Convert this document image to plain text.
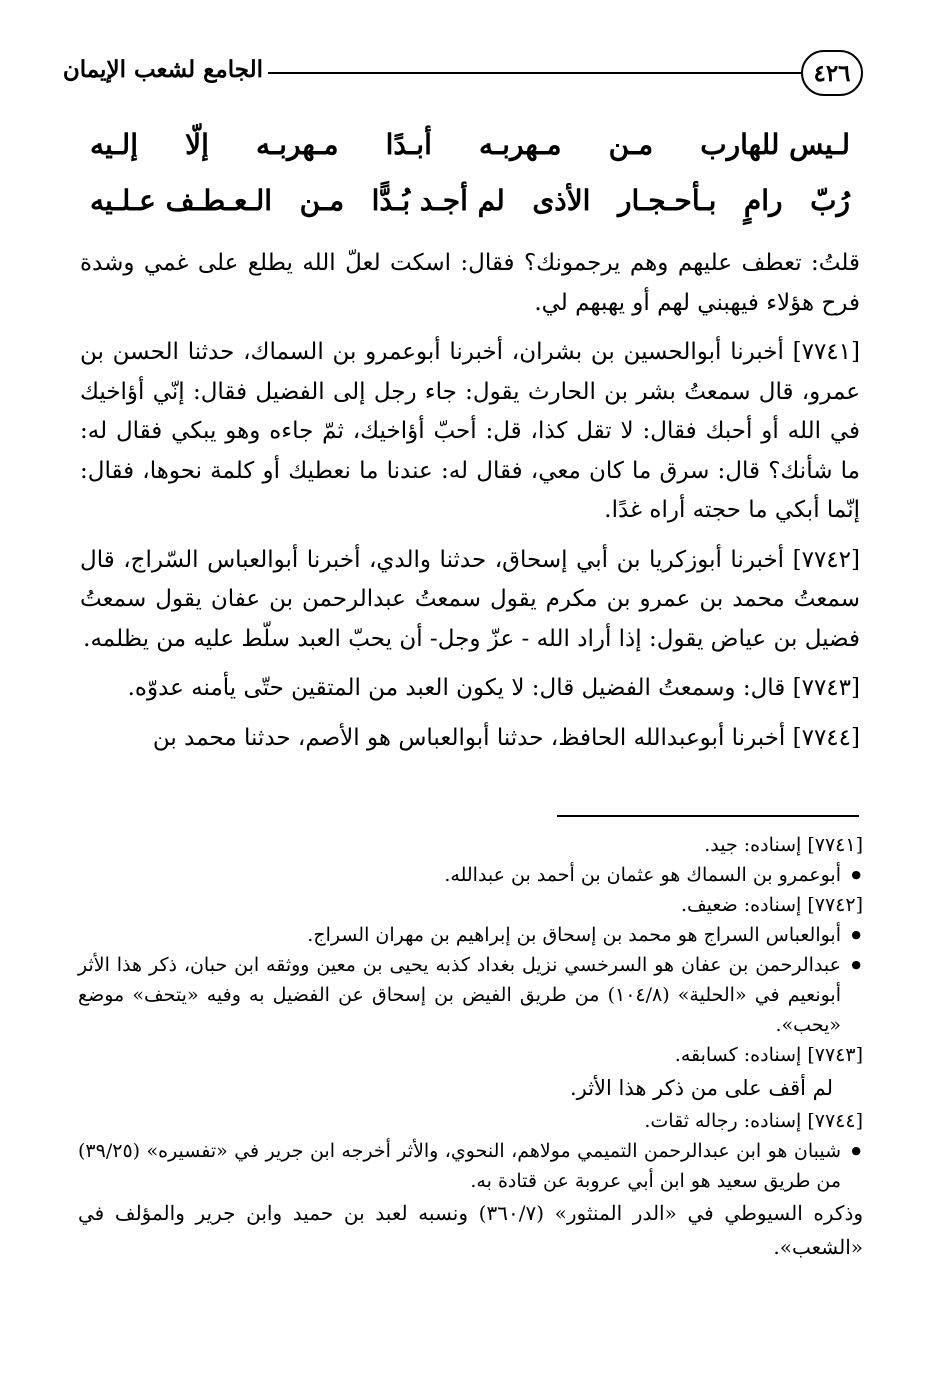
٤٢٦
الجامع لشعب الإيمان
لـيس للهارب
مـن
مـهربـه
أبـدًا
مـهربـه
إلّا
إلـيه
رُبّ
رامٍ
بـأحـجـار
الأذى
لم أجـد بُـدًّا
مـن
الـعـطـف عـلـيه

قلتُ: تعطف عليهم وهم يرجمونك؟ فقال: اسكت لعلّ الله يطلع على غمي وشدة فرح هؤلاء فيهبني لهم أو يهبهم لي.

[٧٧٤١] أخبرنا أبوالحسين بن بشران، أخبرنا أبوعمرو بن السماك، حدثنا الحسن بن عمرو، قال سمعتُ بشر بن الحارث يقول: جاء رجل إلى الفضيل فقال: إنّي أؤاخيك في الله أو أحبك فقال: لا تقل كذا، قل: أحبّ أؤاخيك، ثمّ جاءه وهو يبكي فقال له: ما شأنك؟ قال: سرق ما كان معي، فقال له: عندنا ما نعطيك أو كلمة نحوها، فقال: إنّما أبكي ما حجته أراه غدًا.

[٧٧٤٢] أخبرنا أبوزكريا بن أبي إسحاق، حدثنا والدي، أخبرنا أبوالعباس السّراج، قال سمعتُ محمد بن عمرو بن مكرم يقول سمعتُ عبدالرحمن بن عفان يقول سمعتُ فضيل بن عياض يقول: إذا أراد الله - عزّ وجل- أن يحبّ العبد سلّط عليه من يظلمه.

[٧٧٤٣] قال: وسمعتُ الفضيل قال: لا يكون العبد من المتقين حتّى يأمنه عدوّه.

[٧٧٤٤] أخبرنا أبوعبدالله الحافظ، حدثنا أبوالعباس هو الأصم، حدثنا محمد بن

[٧٧٤١] إسناده: جيد.

● أبوعمرو بن السماك هو عثمان بن أحمد بن عبدالله.

[٧٧٤٢] إسناده: ضعيف.

● أبوالعباس السراج هو محمد بن إسحاق بن إبراهيم بن مهران السراج.

● عبدالرحمن بن عفان هو السرخسي نزيل بغداد كذبه يحيى بن معين ووثقه ابن حبان، ذكر هذا الأثر أبونعيم في «الحلية» (١٠٤/٨) من طريق الفيض بن إسحاق عن الفضيل به وفيه «يتحف» موضع «يحب».

[٧٧٤٣] إسناده: كسابقه.

لم أقف على من ذكر هذا الأثر.

[٧٧٤٤] إسناده: رجاله ثقات.

● شيبان هو ابن عبدالرحمن التميمي مولاهم، النحوي، والأثر أخرجه ابن جرير في «تفسيره» (٣٩/٢٥) من طريق سعيد هو ابن أبي عروبة عن قتادة به.

وذكره السيوطي في «الدر المنثور» (٣٦٠/٧) ونسبه لعبد بن حميد وابن جرير والمؤلف في «الشعب».
